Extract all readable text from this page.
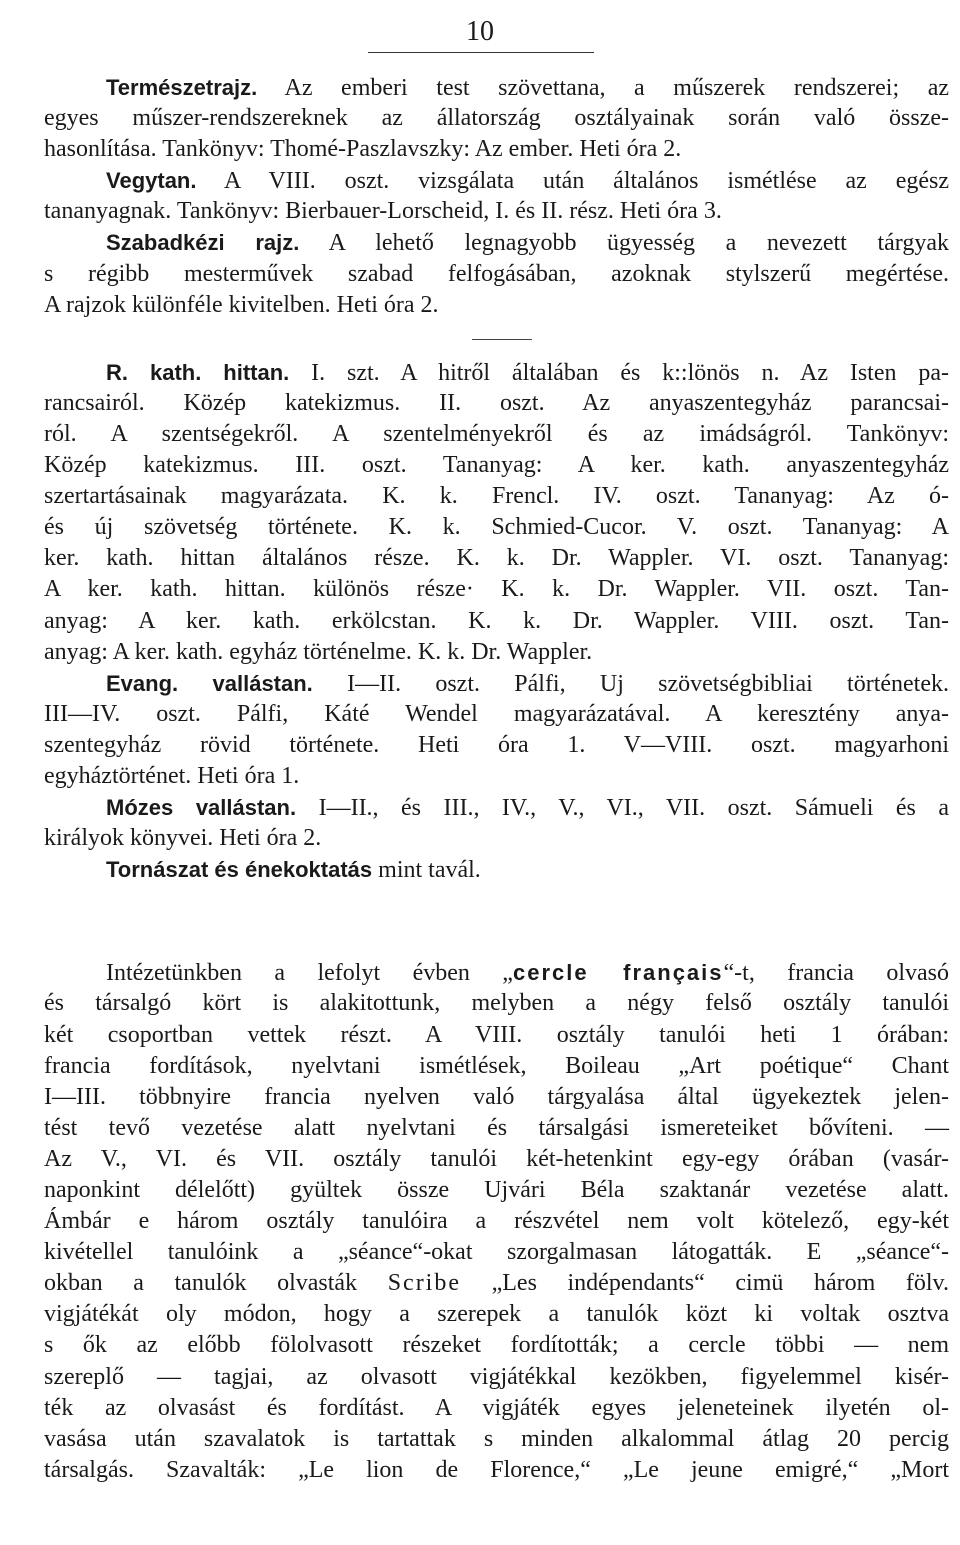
10
Természetrajz. Az emberi test szövettana, a műszerek rendszerei; az
egyes műszer-rendszereknek az állatország osztályainak során való össze-
hasonlítása. Tankönyv: Thomé-Paszlavszky: Az ember. Heti óra 2.
Vegytan. A VIII. oszt. vizsgálata után általános ismétlése az egész
tananyagnak. Tankönyv: Bierbauer-Lorscheid, I. és II. rész. Heti óra 3.
Szabadkézi rajz. A lehető legnagyobb ügyesség a nevezett tárgyak
s régibb mesterművek szabad felfogásában, azoknak stylszerű megértése.
A rajzok különféle kivitelben. Heti óra 2.
R. kath. hittan. I. szt. A hitről általában és k::lönös n. Az Isten pa-
rancsairól. Közép katekizmus. II. oszt. Az anyaszentegyház parancsai-
ról. A szentségekről. A szentelményekről és az imádságról. Tankönyv:
Közép katekizmus. III. oszt. Tananyag: A ker. kath. anyaszentegyház
szertartásainak magyarázata. K. k. Frencl. IV. oszt. Tananyag: Az ó-
és új szövetség története. K. k. Schmied-Cucor. V. oszt. Tananyag: A
ker. kath. hittan általános része. K. k. Dr. Wappler. VI. oszt. Tananyag:
A ker. kath. hittan. különös része· K. k. Dr. Wappler. VII. oszt. Tan-
anyag: A ker. kath. erkölcstan. K. k. Dr. Wappler. VIII. oszt. Tan-
anyag: A ker. kath. egyház történelme. K. k. Dr. Wappler.
Evang. vallástan. I—II. oszt. Pálfi, Uj szövetségbibliai történetek.
III—IV. oszt. Pálfi, Káté Wendel magyarázatával. A keresztény anya-
szentegyház rövid története. Heti óra 1. V—VIII. oszt. magyarhoni
egyháztörténet. Heti óra 1.
Mózes vallástan. I—II., és III., IV., V., VI., VII. oszt. Sámueli és a
királyok könyvei. Heti óra 2.
Tornászat és énekoktatás mint tavál.
Intézetünkben a lefolyt évben „cercle français“-t, francia olvasó
és társalgó kört is alakitottunk, melyben a négy felső osztály tanulói
két csoportban vettek részt. A VIII. osztály tanulói heti 1 órában:
francia fordítások, nyelvtani ismétlések, Boileau „Art poétique“ Chant
I—III. többnyire francia nyelven való tárgyalása által ügyekeztek jelen-
tést tevő vezetése alatt nyelvtani és társalgási ismereteiket bővíteni. —
Az V., VI. és VII. osztály tanulói két-hetenkint egy-egy órában (vasár-
naponkint délelőtt) gyültek össze Ujvári Béla szaktanár vezetése alatt.
Ámbár e három osztály tanulóira a részvétel nem volt kötelező, egy-két
kivétellel tanulóink a „séance“-okat szorgalmasan látogatták. E „séance“-
okban a tanulók olvasták Scribe „Les indépendants“ cimü három fölv.
vigjátékát oly módon, hogy a szerepek a tanulók közt ki voltak osztva
s ők az előbb fölolvasott részeket fordították; a cercle többi — nem
szereplő — tagjai, az olvasott vigjátékkal kezökben, figyelemmel kisér-
ték az olvasást és fordítást. A vigjáték egyes jeleneteinek ilyetén ol-
vasása után szavalatok is tartattak s minden alkalommal átlag 20 percig
társalgás. Szavalták: „Le lion de Florence,“ „Le jeune emigré,“ „Mort
